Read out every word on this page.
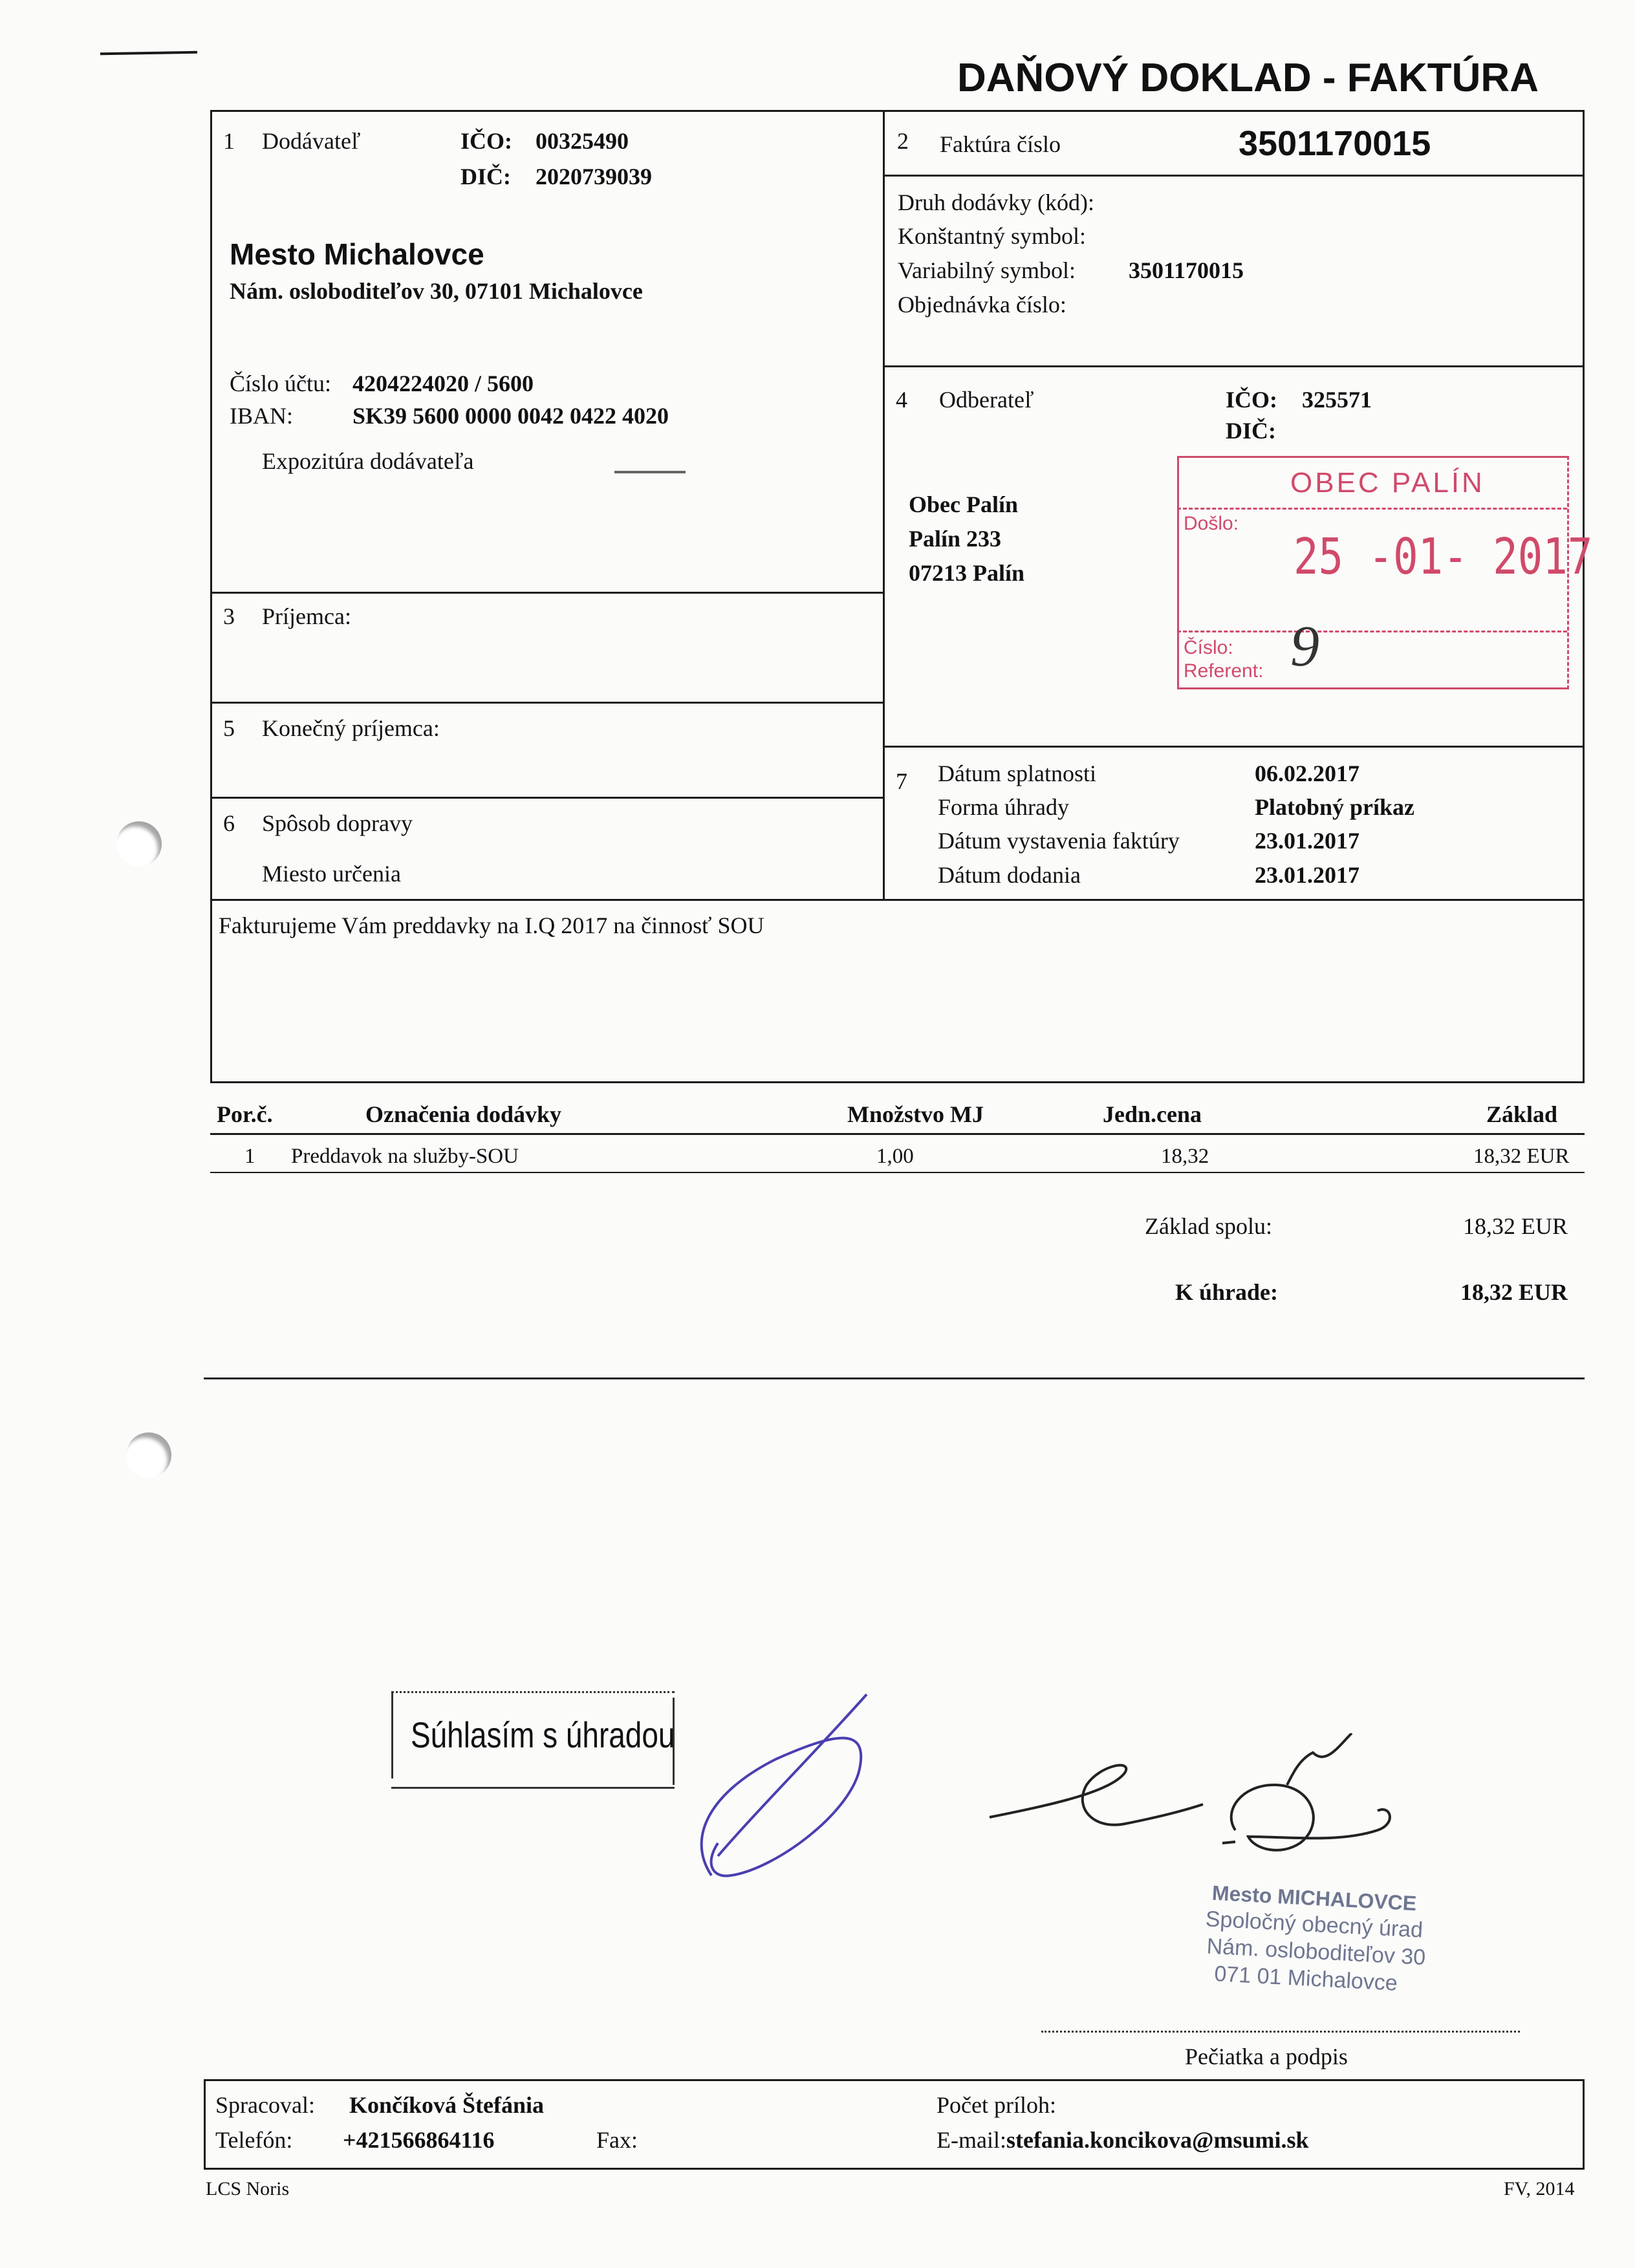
DAŇOVÝ DOKLAD - FAKTÚRA
1 Dodávateľ	IČO: 00325490
DIČ: 2020739039
Mesto Michalovce
Nám. osloboditeľov 30, 07101 Michalovce
Číslo účtu: 4204224020 / 5600
IBAN:	SK39 5600 0000 0042 0422 4020
Expozitúra dodávateľa
2 Faktúra číslo	3501170015
Druh dodávky (kód):
Konštantný symbol:
Variabilný symbol: 3501170015
Objednávka číslo:
4 Odberateľ	IČO: 325571
DIČ:
Obec Palín
Palín 233
07213 Palín
OBEC PALÍN
Došlo:
25 -01- 2017
Číslo:
Referent: 9
3 Príjemca:
5 Konečný príjemca:
6 Spôsob dopravy
Miesto určenia
7 Dátum splatnosti	06.02.2017
Forma úhrady	Platobný príkaz
Dátum vystavenia faktúry	23.01.2017
Dátum dodania	23.01.2017
Fakturujeme Vám preddavky na I.Q 2017 na činnosť SOU
Por.č.	Označenia dodávky	Množstvo MJ	Jedn.cena	Základ
1 Preddavok na služby-SOU	1,00	18,32	18,32 EUR
Základ spolu:	18,32 EUR
K úhrade:	18,32 EUR
Súhlasím s úhradou
Mesto MICHALOVCE
Spoločný obecný úrad
Nám. osloboditeľov 30
071 01 Michalovce
Pečiatka a podpis
Spracoval: Končíková Štefánia
Telefón: +421566864116	Fax:
Počet príloh:
E-mail:stefania.koncikova@msumi.sk
LCS Noris	FV, 2014
